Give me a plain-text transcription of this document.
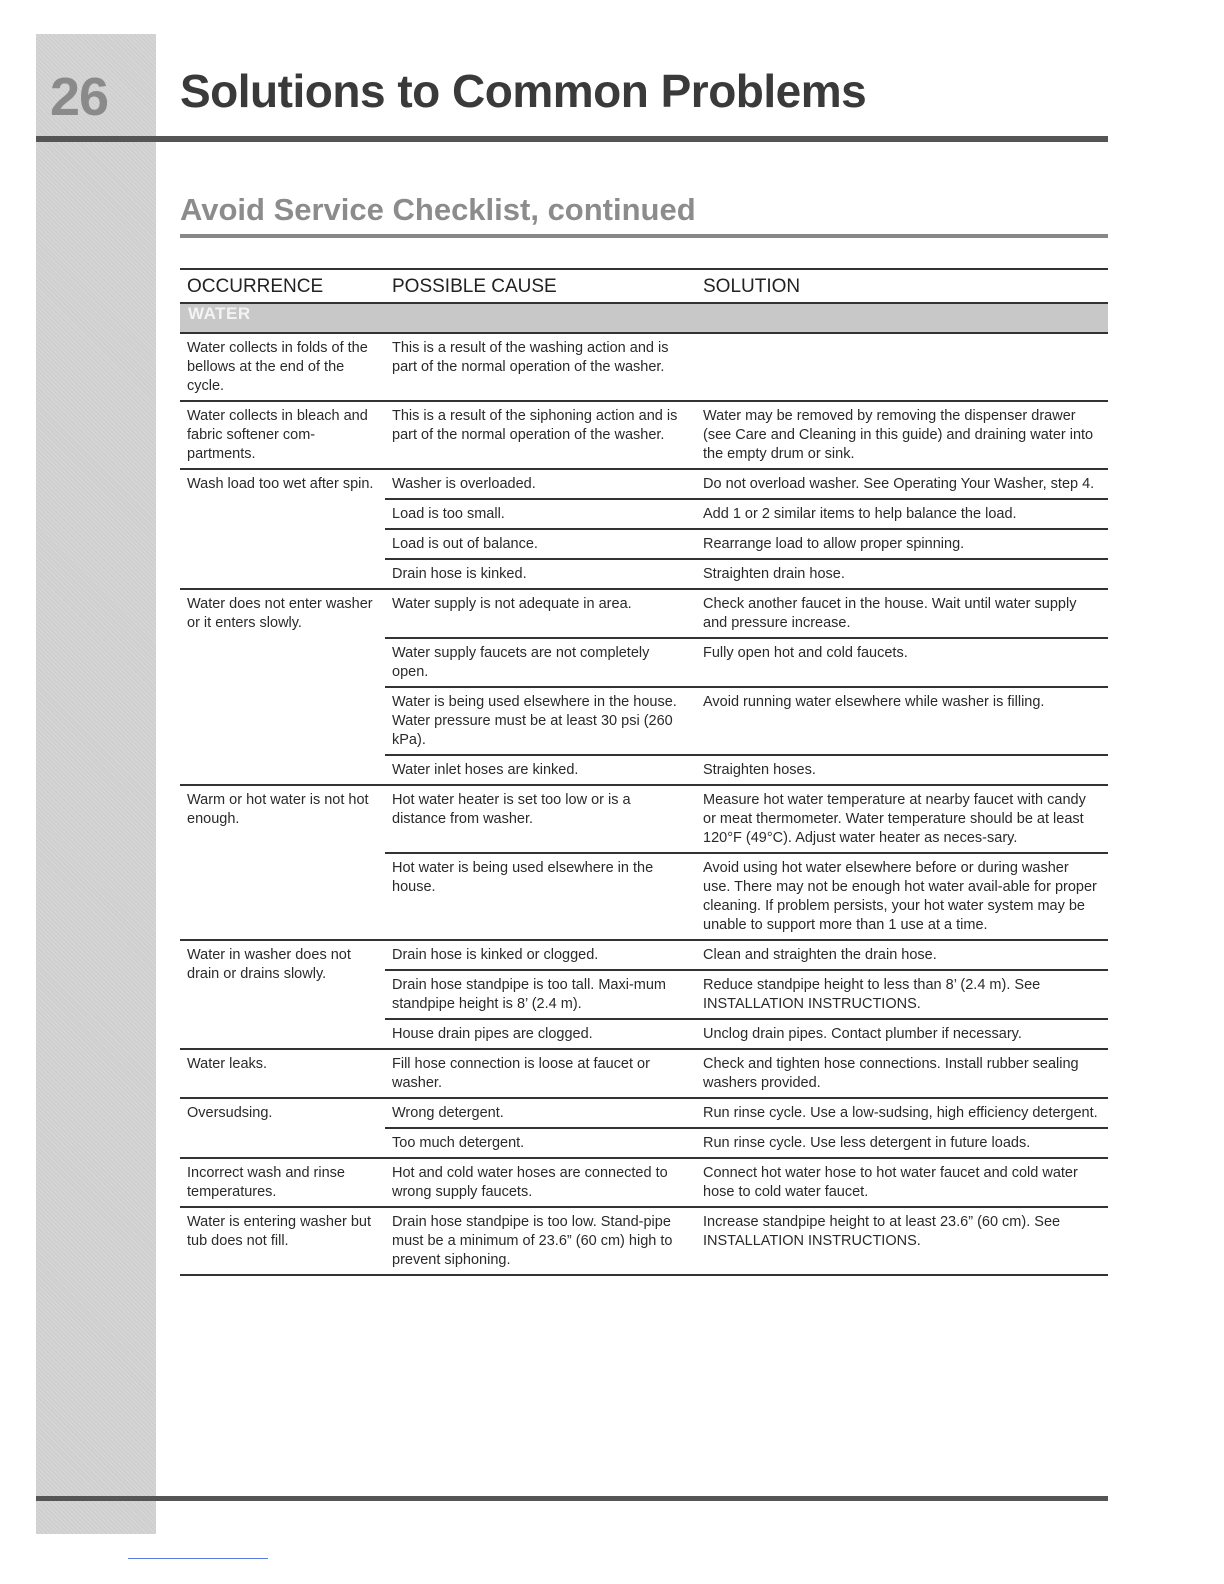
26	Solutions to Common Problems
Avoid Service Checklist, continued
OCCURRENCE	POSSIBLE CAUSE	SOLUTION
WATER		
Water collects in folds of the bellows at the end of the cycle.	This is a result of the washing action and is part of the normal operation of the washer.	
Water collects in bleach and fabric softener com-partments.	This is a result of the siphoning action and is part of the normal operation of the washer.	Water may be removed by removing the dispenser drawer (see Care and Cleaning in this guide) and draining water into the empty drum or sink.
Wash load too wet after spin.	Washer is overloaded.	Do not overload washer. See Operating Your Washer, step 4.
	Load is too small.	Add 1 or 2 similar items to help balance the load.
	Load is out of balance.	Rearrange load to allow proper spinning.
	Drain hose is kinked.	Straighten drain hose.
Water does not enter washer or it enters slowly.	Water supply is not adequate in area.	Check another faucet in the house. Wait until water supply and pressure increase.
	Water supply faucets are not completely open.	Fully open hot and cold faucets.
	Water is being used elsewhere in the house. Water pressure must be at least 30 psi (260 kPa).	Avoid running water elsewhere while washer is filling.
	Water inlet hoses are kinked.	Straighten hoses.
Warm or hot water is not hot enough.	Hot water heater is set too low or is a distance from washer.	Measure hot water temperature at nearby faucet with candy or meat thermometer. Water temperature should be at least 120°F (49°C). Adjust water heater as neces-sary.
	Hot water is being used elsewhere in the house.	Avoid using hot water elsewhere before or during washer use. There may not be enough hot water avail-able for proper cleaning. If problem persists, your hot water system may be unable to support more than 1 use at a time.
Water in washer does not drain or drains slowly.	Drain hose is kinked or clogged.	Clean and straighten the drain hose.
	Drain hose standpipe is too tall. Maxi-mum standpipe height is 8’ (2.4 m).	Reduce standpipe height to less than 8’ (2.4 m). See INSTALLATION INSTRUCTIONS.
	House drain pipes are clogged.	Unclog drain pipes. Contact plumber if necessary.
Water leaks.	Fill hose connection is loose at faucet or washer.	Check and tighten hose connections. Install rubber sealing washers provided.
Oversudsing.	Wrong detergent.	Run rinse cycle. Use a low-sudsing, high efficiency detergent.
	Too much detergent.	Run rinse cycle. Use less detergent in future loads.
Incorrect wash and rinse temperatures.	Hot and cold water hoses are connected to wrong supply faucets.	Connect hot water hose to hot water faucet and cold water hose to cold water faucet.
Water is entering washer but tub does not fill.	Drain hose standpipe is too low. Stand-pipe must be a minimum of 23.6” (60 cm) high to prevent siphoning.	Increase standpipe height to at least 23.6” (60 cm). See INSTALLATION INSTRUCTIONS.
